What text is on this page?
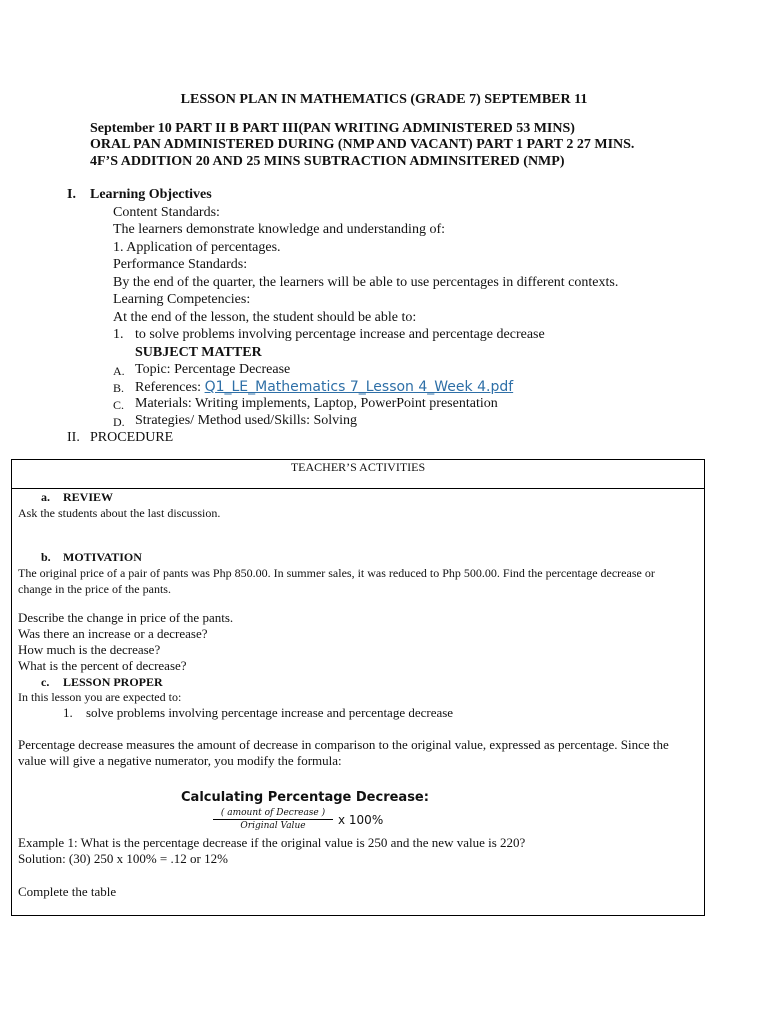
LESSON PLAN IN MATHEMATICS (GRADE 7) SEPTEMBER 11
September 10 PART II B PART III(PAN WRITING ADMINISTERED 53 MINS)
ORAL PAN ADMINISTERED DURING (NMP AND VACANT) PART 1 PART 2 27 MINS.
4F’S ADDITION 20 AND 25 MINS SUBTRACTION ADMINSITERED (NMP)
I. Learning Objectives
Content Standards:
The learners demonstrate knowledge and understanding of:
1. Application of percentages.
Performance Standards:
By the end of the quarter, the learners will be able to use percentages in different contexts.
Learning Competencies:
At the end of the lesson, the student should be able to:
1. to solve problems involving percentage increase and percentage decrease
SUBJECT MATTER
A. Topic: Percentage Decrease
B. References: Q1_LE_Mathematics 7_Lesson 4_Week 4.pdf
C. Materials: Writing implements, Laptop, PowerPoint presentation
D. Strategies/ Method used/Skills: Solving
II. PROCEDURE
TEACHER’S ACTIVITIES
a. REVIEW
Ask the students about the last discussion.
b. MOTIVATION
The original price of a pair of pants was Php 850.00. In summer sales, it was reduced to Php 500.00. Find the percentage decrease or change in the price of the pants.
Describe the change in price of the pants.
Was there an increase or a decrease?
How much is the decrease?
What is the percent of decrease?
c. LESSON PROPER
In this lesson you are expected to:
1. solve problems involving percentage increase and percentage decrease
Percentage decrease measures the amount of decrease in comparison to the original value, expressed as percentage. Since the value will give a negative numerator, you modify the formula:
Example 1: What is the percentage decrease if the original value is 250 and the new value is 220?
Solution: (30) 250 x 100% = .12 or 12%
Complete the table
Calculating Percentage Decrease:
( amount of Decrease )
Original Value	x 100%
